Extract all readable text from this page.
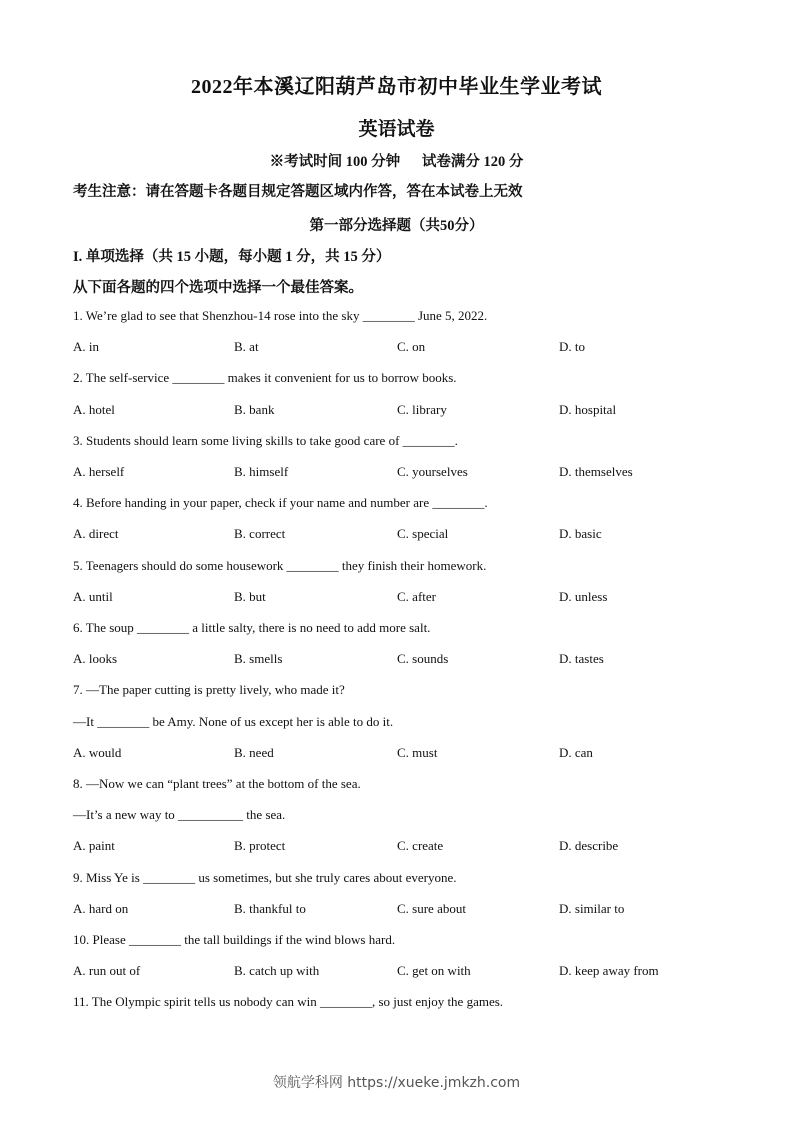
2022年本溪辽阳葫芦岛市初中毕业生学业考试
英语试卷
※考试时间 100 分钟      试卷满分 120 分
考生注意：请在答题卡各题目规定答题区域内作答，答在本试卷上无效
第一部分选择题（共50分）
I. 单项选择（共 15 小题，每小题 1 分，共 15 分）
从下面各题的四个选项中选择一个最佳答案。
1. We’re glad to see that Shenzhou-14 rose into the sky ________ June 5, 2022.
A. in	B. at	C. on	D. to
2. The self-service ________ makes it convenient for us to borrow books.
A. hotel	B. bank	C. library	D. hospital
3. Students should learn some living skills to take good care of ________.
A. herself	B. himself	C. yourselves	D. themselves
4. Before handing in your paper, check if your name and number are ________.
A. direct	B. correct	C. special	D. basic
5. Teenagers should do some housework ________ they finish their homework.
A. until	B. but	C. after	D. unless
6. The soup ________ a little salty, there is no need to add more salt.
A. looks	B. smells	C. sounds	D. tastes
7. —The paper cutting is pretty lively, who made it?
—It ________ be Amy. None of us except her is able to do it.
A. would	B. need	C. must	D. can
8. —Now we can “plant trees” at the bottom of the sea.
—It’s a new way to __________ the sea.
A. paint	B. protect	C. create	D. describe
9. Miss Ye is ________ us sometimes, but she truly cares about everyone.
A. hard on	B. thankful to	C. sure about	D. similar to
10. Please ________ the tall buildings if the wind blows hard.
A. run out of	B. catch up with	C. get on with	D. keep away from
11. The Olympic spirit tells us nobody can win ________, so just enjoy the games.
领航学科网 https://xueke.jmkzh.com
